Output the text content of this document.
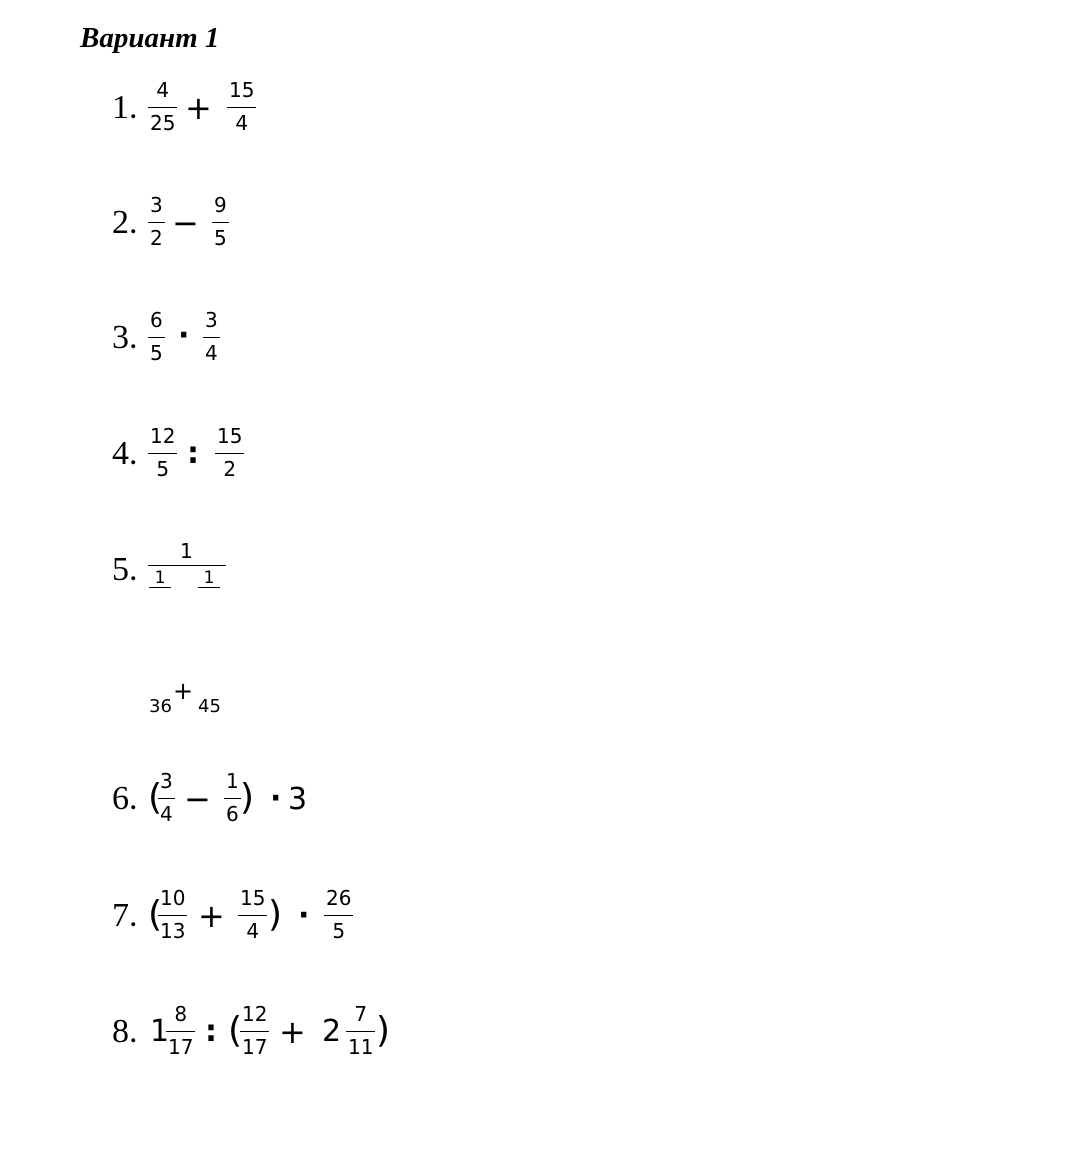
Вариант 1
1. 4
25 + 15
4
2. 3
2 − 9
5
3. 6
5 · 3
4
4. 12
5 : 15
2
5. 1
1	1
36
+
45
6. (
3
4 − 1
6 ) · 3
7. (
10
13 + 15
4 ) · 26
5
8. 1 8
17 : ( 12
17 + 2 7
11 )
